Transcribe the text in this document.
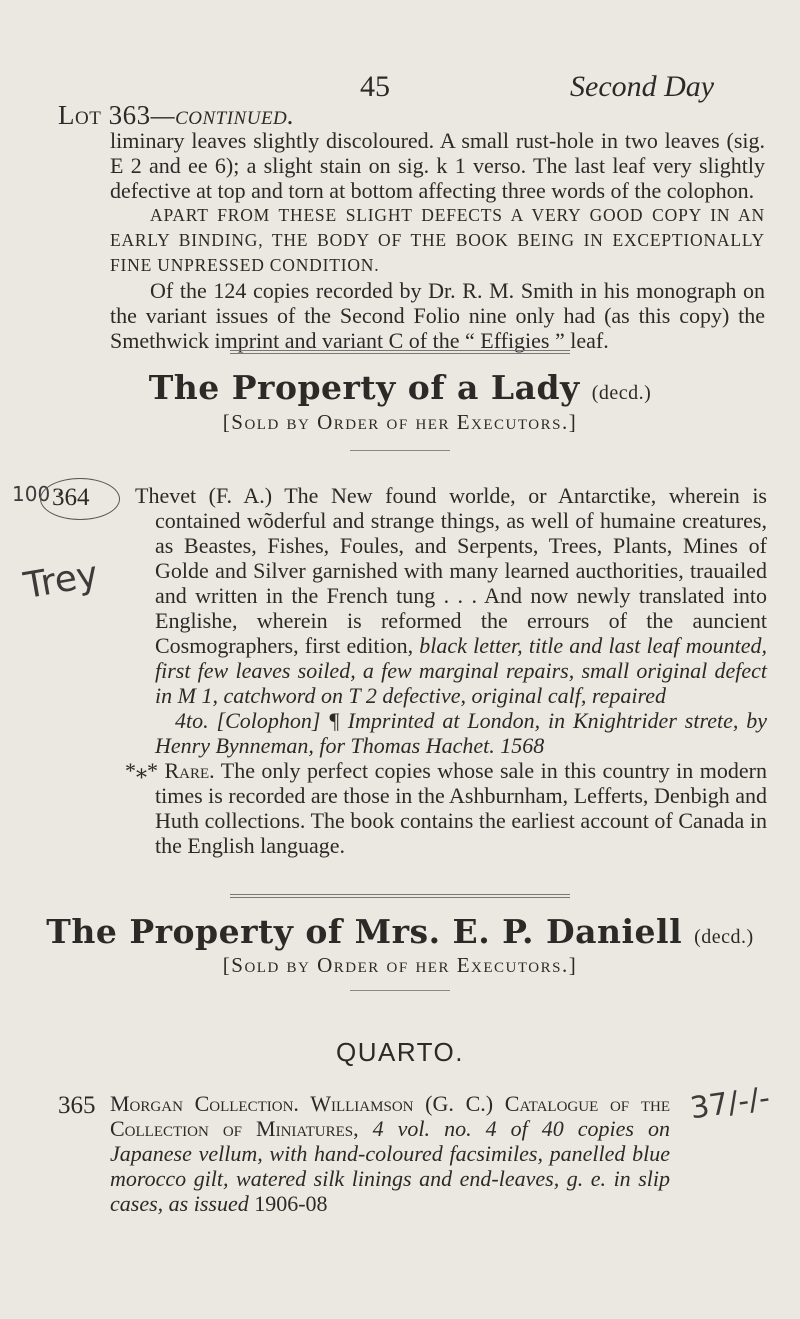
45	Second Day
Lot 363—continued.
liminary leaves slightly discoloured. A small rust-hole in two leaves (sig. E 2 and ee 6); a slight stain on sig. k 1 verso. The last leaf very slightly defective at top and torn at bottom affecting three words of the colophon.
APART FROM THESE SLIGHT DEFECTS A VERY GOOD COPY IN AN EARLY BINDING, THE BODY OF THE BOOK BEING IN EXCEPTIONALLY FINE UNPRESSED CONDITION.
Of the 124 copies recorded by Dr. R. M. Smith in his monograph on the variant issues of the Second Folio nine only had (as this copy) the Smethwick imprint and variant C of the “ Effigies ” leaf.
The Property of a Lady (decd.)
[Sold by Order of her Executors.]
100 ·
364
Trey

Thevet (F. A.) The New found worlde, or Antarctike, wherein is contained wõderful and strange things, as well of humaine creatures, as Beastes, Fishes, Foules, and Serpents, Trees, Plants, Mines of Golde and Silver garnished with many learned aucthorities, trauailed and written in the French tung . . . And now newly translated into Englishe, wherein is reformed the errours of the auncient Cosmographers, first edition, black letter, title and last leaf mounted, first few leaves soiled, a few marginal repairs, small original defect in M 1, catchword on T 2 defective, original calf, repaired

4to. [Colophon] ¶ Imprinted at London, in Knightrider strete, by Henry Bynneman, for Thomas Hachet. 1568

*⁎* Rare. The only perfect copies whose sale in this country in modern times is recorded are those in the Ashburnham, Lefferts, Denbigh and Huth collections. The book contains the earliest account of Canada in the English language.

The Property of Mrs. E. P. Daniell (decd.)
[Sold by Order of her Executors.]
QUARTO.
365 Morgan Collection. Williamson (G. C.) Catalogue of the Collection of Miniatures, 4 vol. no. 4 of 40 copies on Japanese vellum, with hand-coloured facsimiles, panelled blue morocco gilt, watered silk linings and end-leaves, g. e. in slip cases, as issued 1906-08
37/-/-
